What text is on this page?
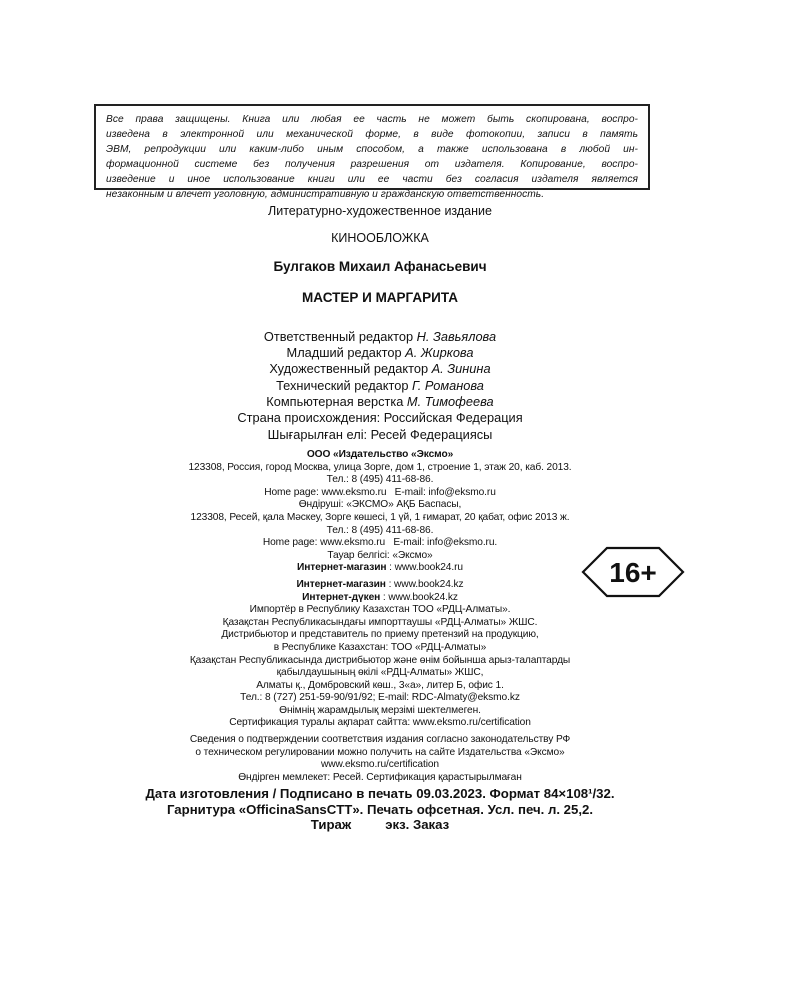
Все права защищены. Книга или любая ее часть не может быть скопирована, воспро-
изведена в электронной или механической форме, в виде фотокопии, записи в память
ЭВМ, репродукции или каким-либо иным способом, а также использована в любой ин-
формационной системе без получения разрешения от издателя. Копирование, воспро-
изведение и иное использование книги или ее части без согласия издателя является
незаконным и влечет уголовную, административную и гражданскую ответственность.
Литературно-художественное издание
КИНООБЛОЖКА
Булгаков Михаил Афанасьевич
МАСТЕР И МАРГАРИТА
Ответственный редактор Н. Завьялова
Младший редактор А. Жиркова
Художественный редактор А. Зинина
Технический редактор Г. Романова
Компьютерная верстка М. Тимофеева
Страна происхождения: Российская Федерация
Шығарылған елі: Ресей Федерациясы
ООО «Издательство «Эксмо»
123308, Россия, город Москва, улица Зорге, дом 1, строение 1, этаж 20, каб. 2013.
Тел.: 8 (495) 411-68-86.
Home page: www.eksmo.ru   E-mail: info@eksmo.ru
Өндіруші: «ЭКСМО» АҚБ Баспасы,
123308, Ресей, қала Мәскеу, Зорге көшесі, 1 үй, 1 ғимарат, 20 қабат, офис 2013 ж.
Тел.: 8 (495) 411-68-86.
Home page: www.eksmo.ru   E-mail: info@eksmo.ru.
Тауар белгісі: «Эксмо»
Интернет-магазин : www.book24.ru
Интернет-магазин : www.book24.kz
Интернет-дүкен : www.book24.kz
Импортёр в Республику Казахстан ТОО «РДЦ-Алматы».
Қазақстан Республикасындағы импорттаушы «РДЦ-Алматы» ЖШС.
Дистрибьютор и представитель по приему претензий на продукцию,
в Республике Казахстан: ТОО «РДЦ-Алматы»
Қазақстан Республикасында дистрибьютор және өнім бойынша арыз-талаптарды
қабылдаушының өкілі «РДЦ-Алматы» ЖШС,
Алматы қ., Домбровский көш., 3«а», литер Б, офис 1.
Тел.: 8 (727) 251-59-90/91/92; E-mail: RDC-Almaty@eksmo.kz
Өнімнің жарамдылық мерзімі шектелмеген.
Сертификация туралы ақпарат сайтта: www.eksmo.ru/certification
Сведения о подтверждении соответствия издания согласно законодательству РФ
о техническом регулировании можно получить на сайте Издательства «Эксмо»
www.eksmo.ru/certification
Өндірген мемлекет: Ресей. Сертификация қарастырылмаған
16+
Дата изготовления / Подписано в печать 09.03.2023. Формат 84×108¹/32.
Гарнитура «OfficinaSansCTT». Печать офсетная. Усл. печ. л. 25,2.
Тираж	экз. Заказ
